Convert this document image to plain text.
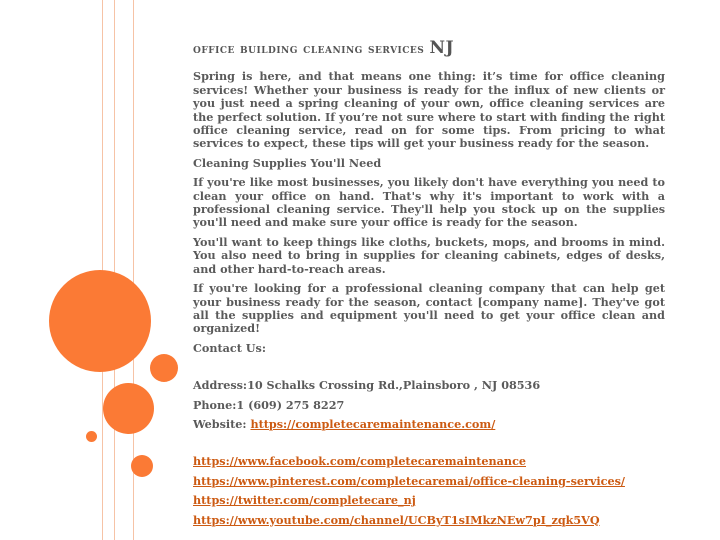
office building cleaning services NJ

Spring is here, and that means one thing: it’s time for office cleaning services! Whether your business is ready for the influx of new clients or you just need a spring cleaning of your own, office cleaning services are the perfect solution. If you’re not sure where to start with finding the right office cleaning service, read on for some tips. From pricing to what services to expect, these tips will get your business ready for the season.

Cleaning Supplies You'll Need

If you're like most businesses, you likely don't have everything you need to clean your office on hand. That's why it's important to work with a professional cleaning service. They'll help you stock up on the supplies you'll need and make sure your office is ready for the season.

You'll want to keep things like cloths, buckets, mops, and brooms in mind. You also need to bring in supplies for cleaning cabinets, edges of desks, and other hard-to-reach areas.

If you're looking for a professional cleaning company that can help get your business ready for the season, contact [company name]. They've got all the supplies and equipment you'll need to get your office clean and organized!

Contact Us:

Address:10 Schalks Crossing Rd.,Plainsboro , NJ 08536
Phone:1 (609) 275 8227
Website: https://completecaremaintenance.com/
https://www.facebook.com/completecaremaintenance
https://www.pinterest.com/completecaremai/office-cleaning-services/
https://twitter.com/completecare_nj
https://www.youtube.com/channel/UCByT1sIMkzNEw7pI_zqk5VQ
